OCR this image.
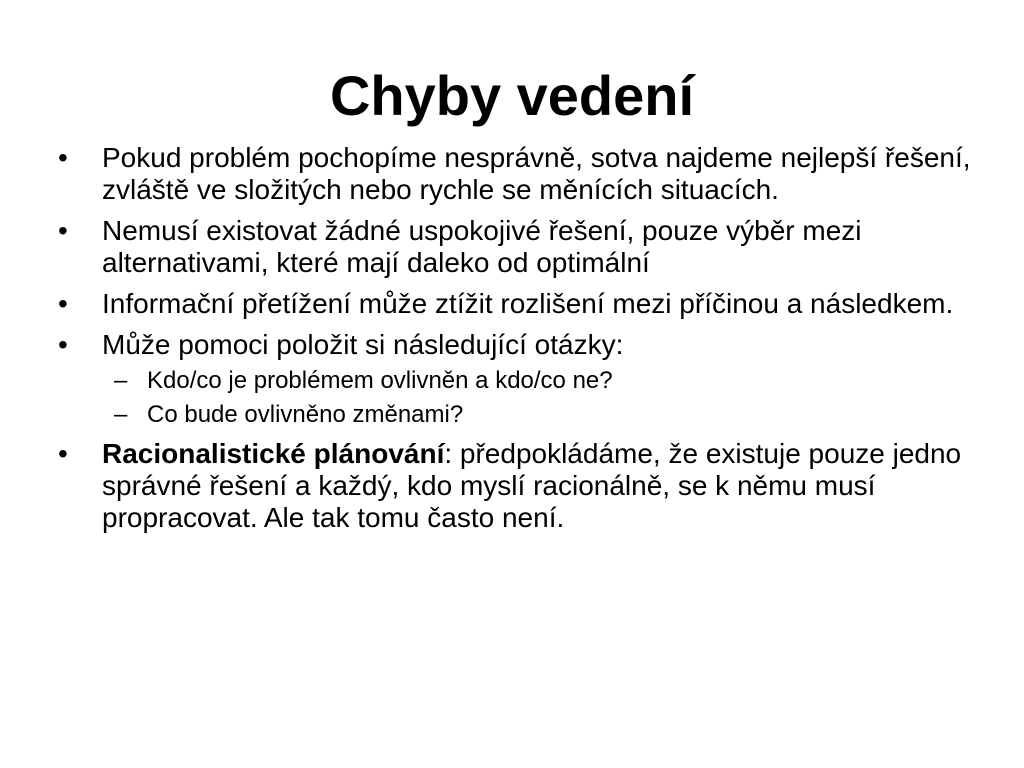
Chyby vedení
•	Pokud problém pochopíme nesprávně, sotva najdeme nejlepší řešení, zvláště ve složitých nebo rychle se měnících situacích.
•	Nemusí existovat žádné uspokojivé řešení, pouze výběr mezi alternativami, které mají daleko od optimální
•	Informační přetížení může ztížit rozlišení mezi příčinou a následkem.
•	Může pomoci položit si následující otázky:
– Kdo/co je problémem ovlivněn a kdo/co ne?
– Co bude ovlivněno změnami?
•	Racionalistické plánování: předpokládáme, že existuje pouze jedno správné řešení a každý, kdo myslí racionálně, se k němu musí propracovat. Ale tak tomu často není.
